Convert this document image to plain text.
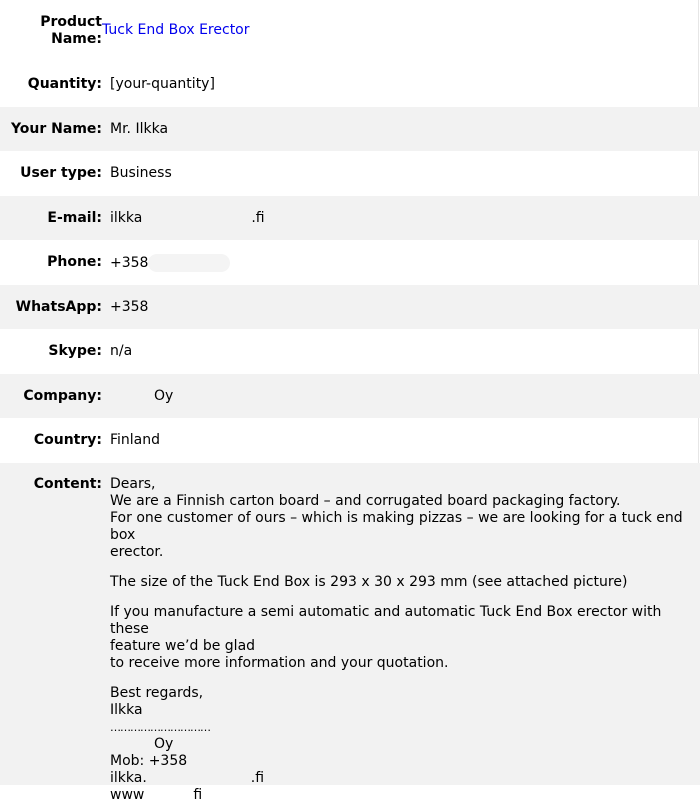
Product
Name:
Tuck End Box Erector
Quantity: [your-quantity]
Your Name: Mr. Ilkka
User type: Business
E-mail: ilkka	.fi
Phone: +358
WhatsApp: +358
Skype: n/a
Company:	Oy
Country: Finland
Content: Dears,

We are a Finnish carton board – and corrugated board packaging factory.

For one customer of ours – which is making pizzas – we are looking for a tuck end box

erector.

The size of the Tuck End Box is 293 x 30 x 293 mm (see attached picture)

If you manufacture a semi automatic and automatic Tuck End Box erector with these

feature we’d be glad

to receive more information and your quotation.

Best regards,

Ilkka

…………………………

Oy

Mob: +358

ilkka.	.fi

www	fi
